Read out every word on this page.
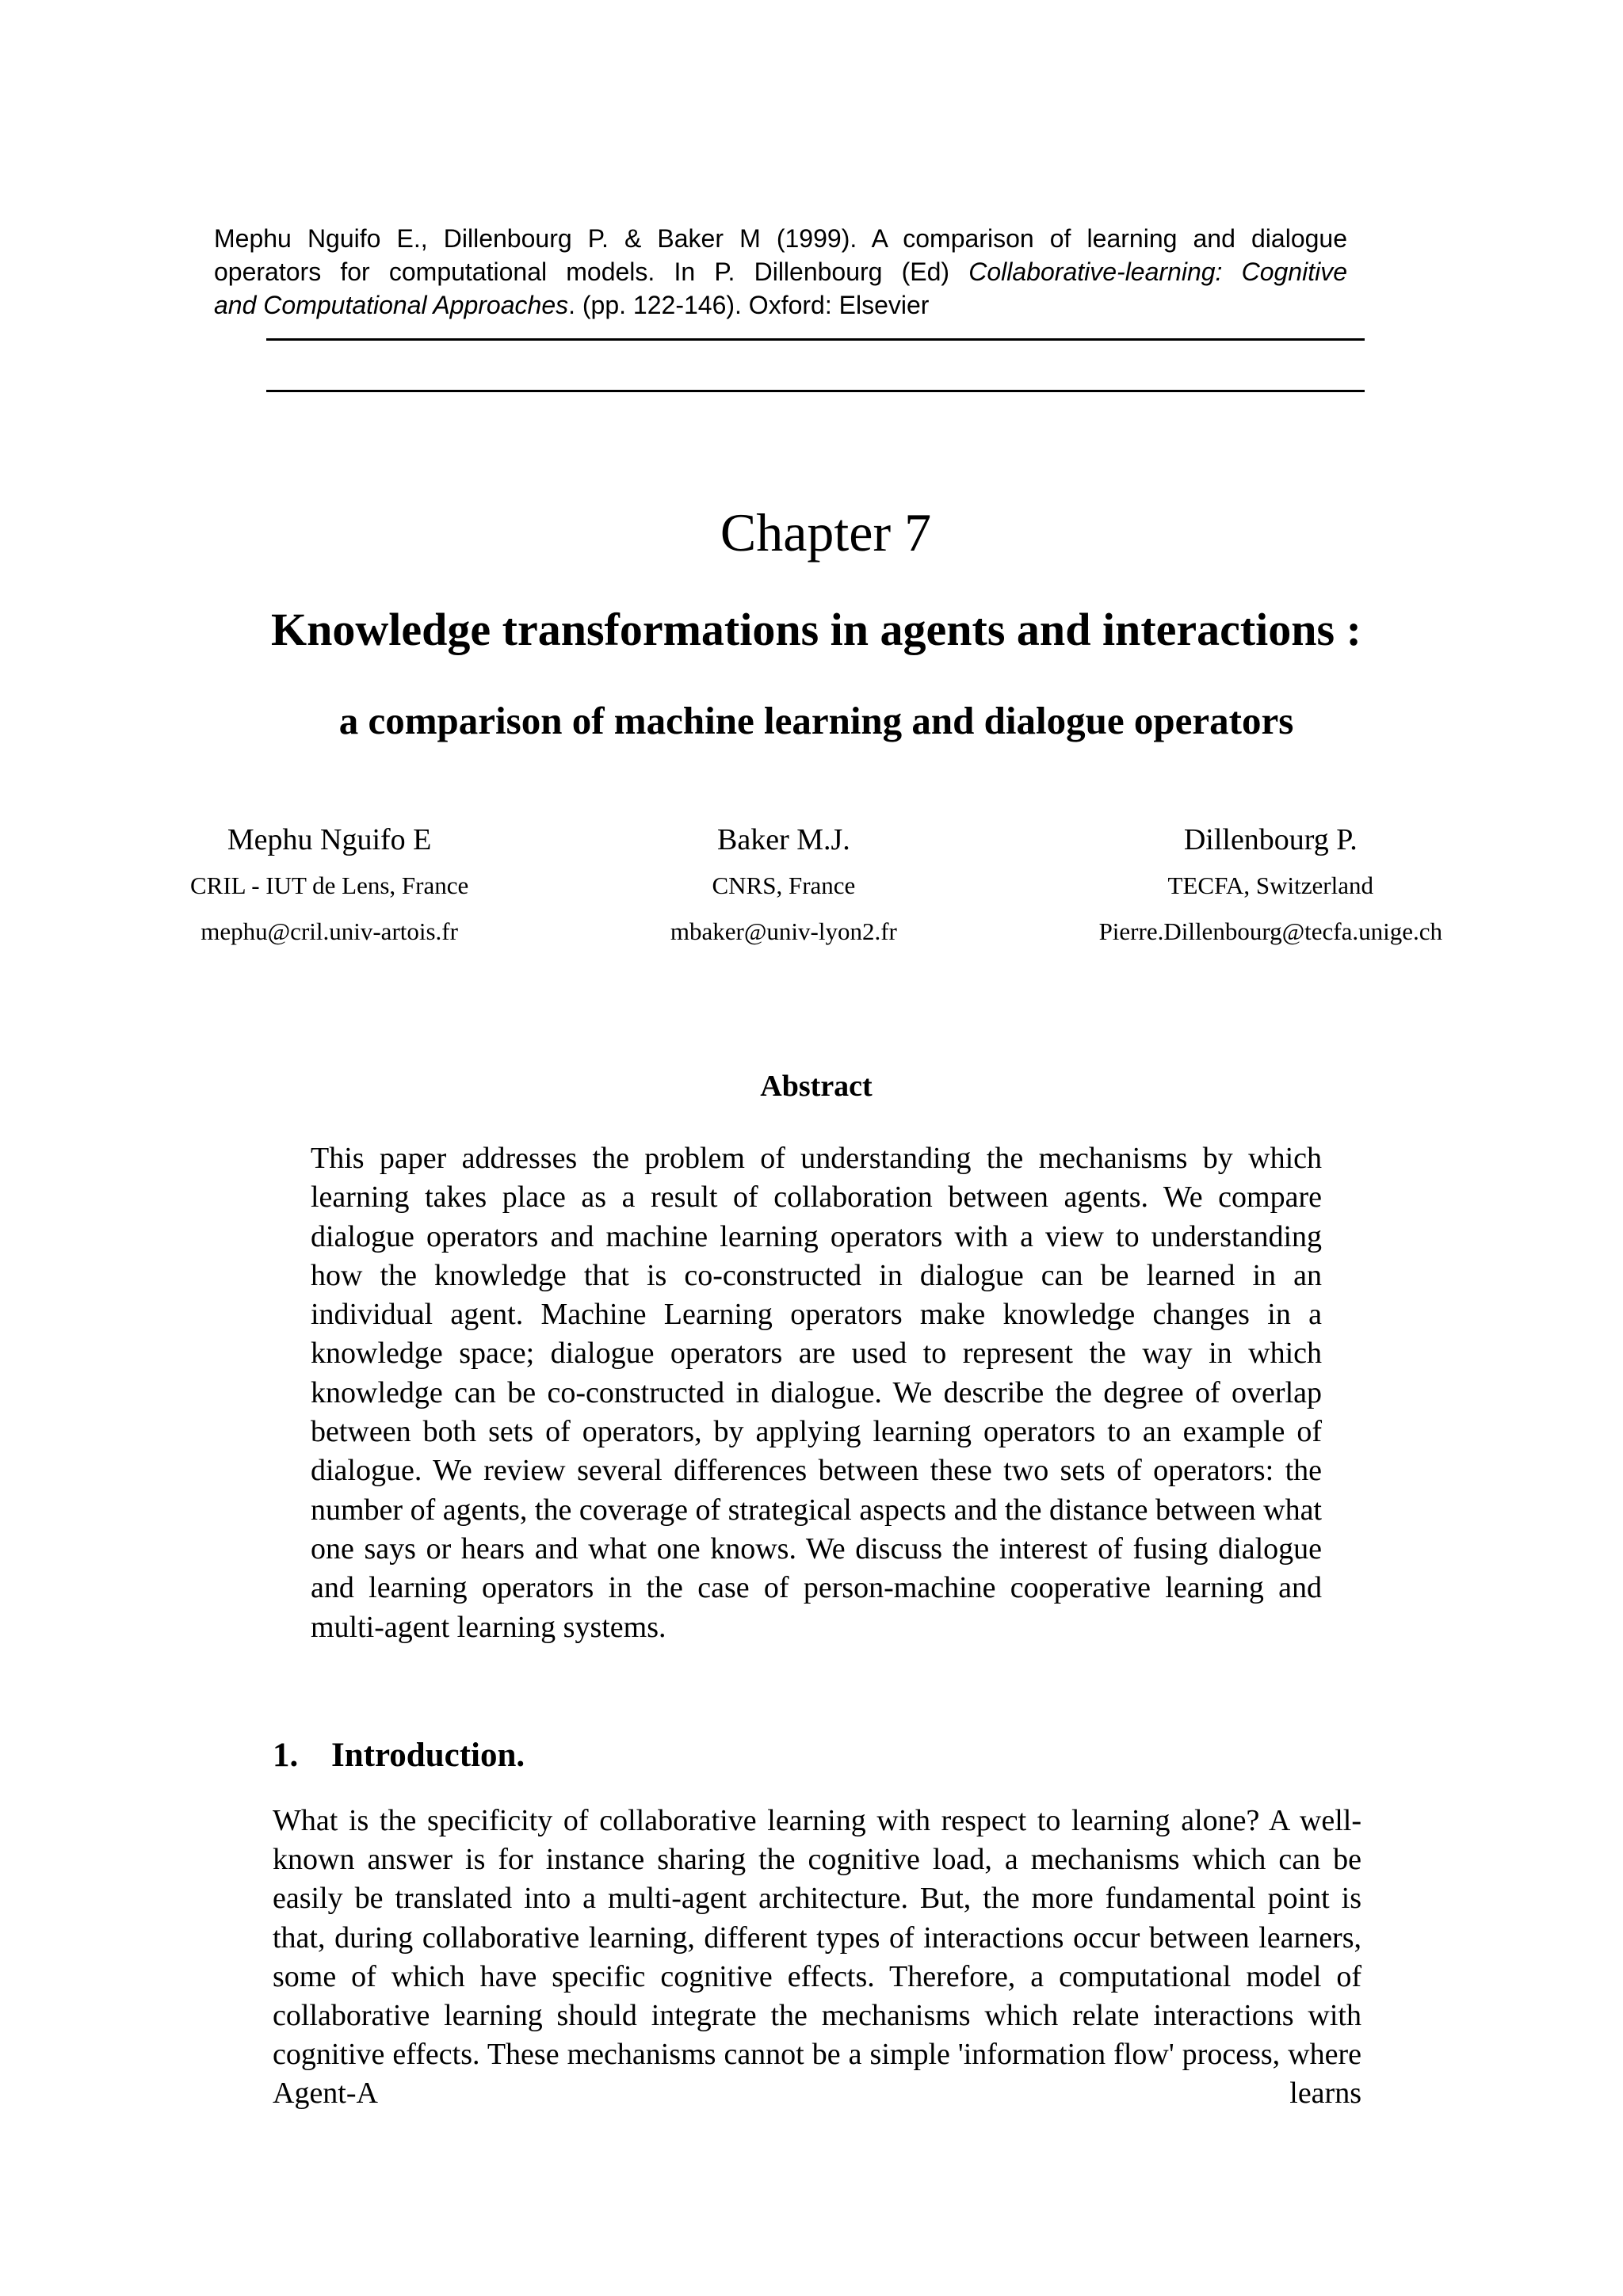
Mephu Nguifo E., Dillenbourg P. & Baker M (1999). A comparison of learning and dialogue
operators for computational models. In P. Dillenbourg (Ed) Collaborative-learning: Cognitive
and Computational Approaches. (pp. 122-146). Oxford: Elsevier
Chapter 7
Knowledge transformations in agents and interactions :
a comparison of machine learning and dialogue operators
Mephu Nguifo E
CRIL - IUT de Lens, France
mephu@cril.univ-artois.fr
Baker M.J.
CNRS, France
mbaker@univ-lyon2.fr
Dillenbourg P.
TECFA, Switzerland
Pierre.Dillenbourg@tecfa.unige.ch
Abstract
This paper addresses the problem of understanding the mechanisms by which learning takes place as a result of collaboration between agents. We compare dialogue operators and machine learning operators with a view to understanding how the knowledge that is co-constructed in dialogue can be learned in an individual agent. Machine Learning operators make knowledge changes in a knowledge space; dialogue operators are used to represent the way in which knowledge can be co-constructed in dialogue. We describe the degree of overlap between both sets of operators, by applying learning operators to an example of dialogue. We review several differences between these two sets of operators: the number of agents, the coverage of strategical aspects and the distance between what one says or hears and what one knows. We discuss the interest of fusing dialogue and learning operators in the case of person-machine cooperative learning and multi-agent learning systems.
1. Introduction.
What is the specificity of collaborative learning with respect to learning alone? A well-known answer is for instance sharing the cognitive load, a mechanisms which can be easily be translated into a multi-agent architecture. But, the more fundamental point is that, during collaborative learning, different types of interactions occur between learners, some of which have specific cognitive effects. Therefore, a computational model of collaborative learning should integrate the mechanisms which relate interactions with cognitive effects. These mechanisms cannot be a simple 'information flow' process, where Agent-A learns
